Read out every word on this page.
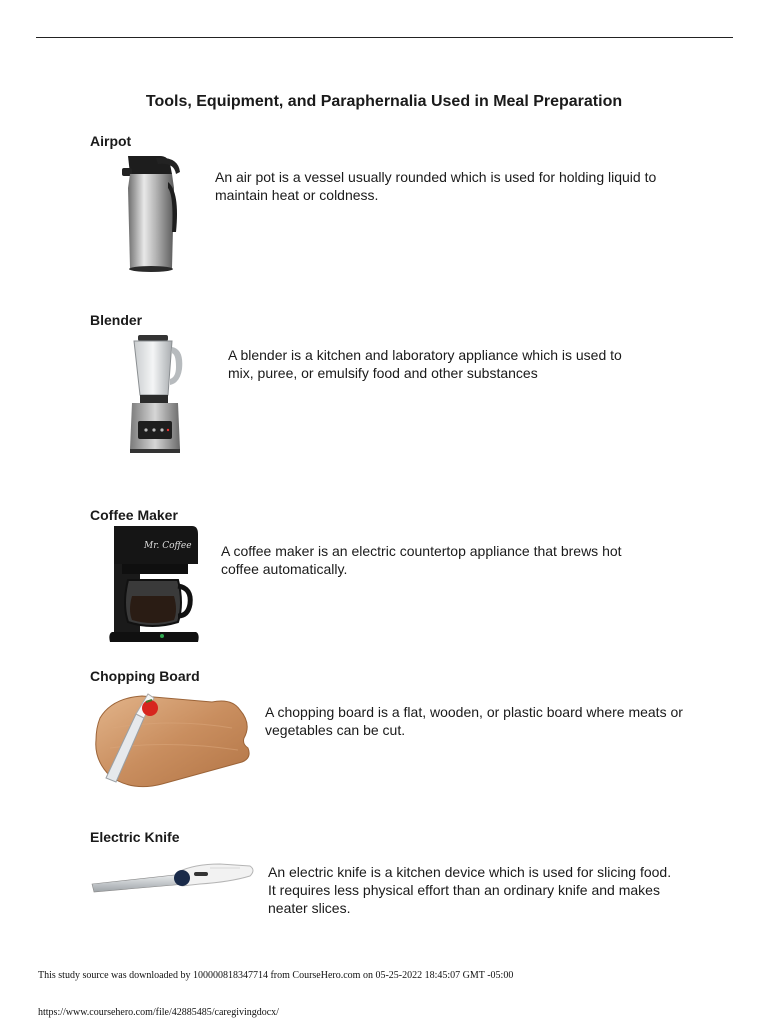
Tools, Equipment, and Paraphernalia Used in Meal Preparation
Airpot

An air pot is a vessel usually rounded which is used for holding liquid to maintain heat or coldness.

Blender

A blender is a kitchen and laboratory appliance which is used to mix, puree, or emulsify food and other substances

Coffee Maker
Mr. Coffee A coffee maker is an electric countertop appliance that brews hot coffee automatically.

Chopping Board

A chopping board is a flat, wooden, or plastic board where meats or vegetables can be cut.

Electric Knife

An electric knife is a kitchen device which is used for slicing food. It requires less physical effort than an ordinary knife and makes neater slices.

This study source was downloaded by 100000818347714 from CourseHero.com on 05-25-2022 18:45:07 GMT -05:00
https://www.coursehero.com/file/42885485/caregivingdocx/
